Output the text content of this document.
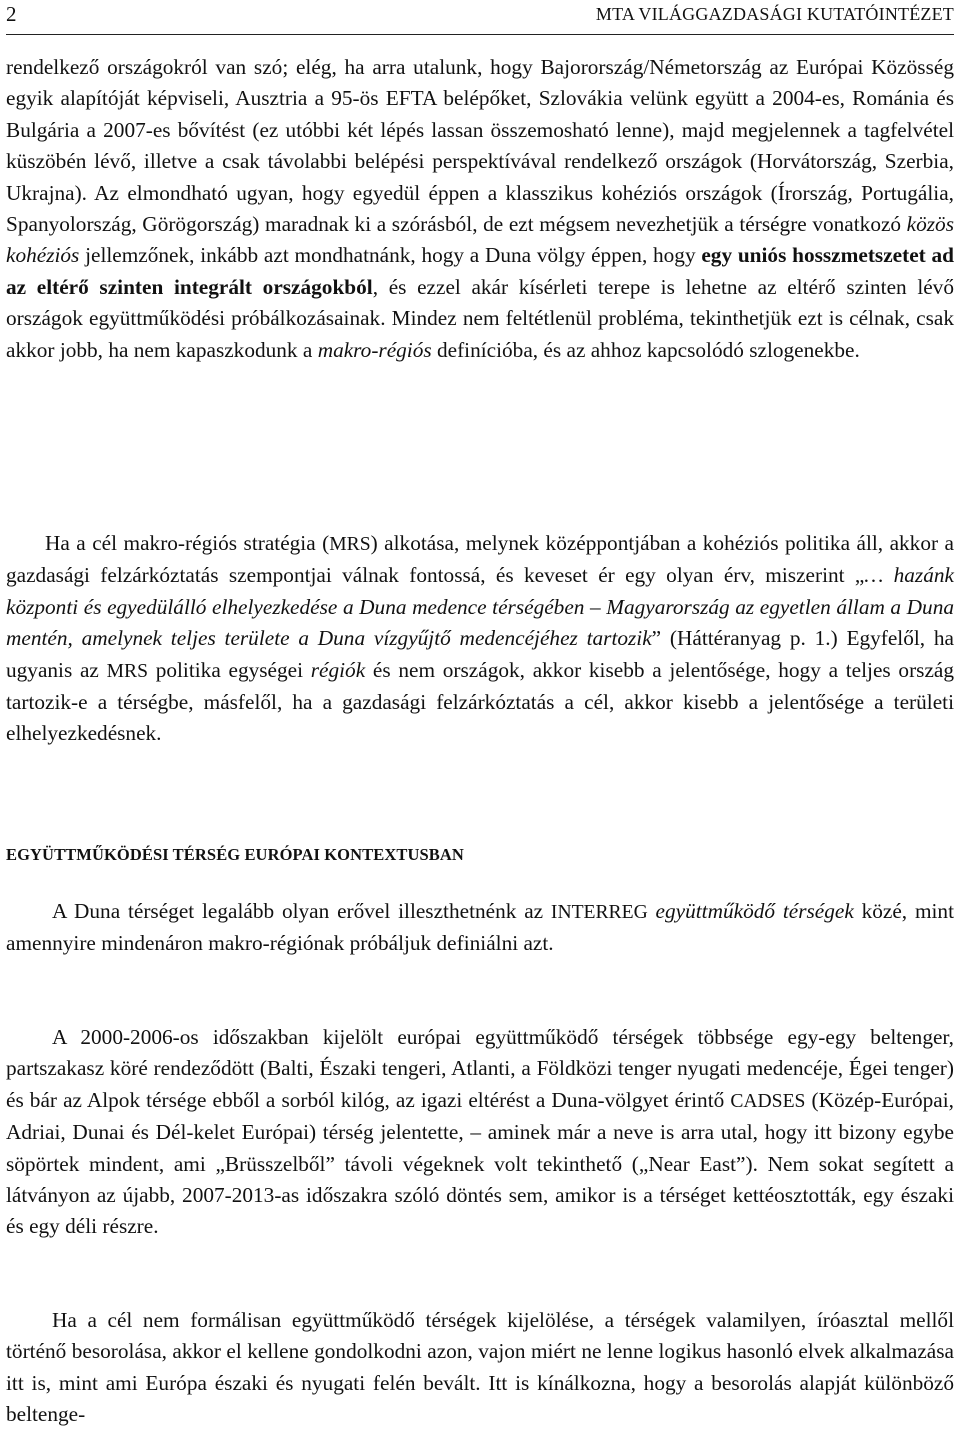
2	MTA VILÁGGAZDASÁGI KUTATÓINTÉZET

rendelkező országokról van szó; elég, ha arra utalunk, hogy Bajorország/Németország az Európai Közösség egyik alapítóját képviseli, Ausztria a 95-ös EFTA belépőket, Szlovákia velünk együtt a 2004-es, Románia és Bulgária a 2007-es bővítést (ez utóbbi két lépés lassan összemosható lenne), majd megjelennek a tagfelvétel küszöbén lévő, illetve a csak távolabbi belépési perspektívával rendelkező országok (Horvátország, Szerbia, Ukrajna). Az elmondható ugyan, hogy egyedül éppen a klasszikus kohéziós országok (Írország, Portugália, Spanyolország, Görögország) maradnak ki a szórásból, de ezt mégsem nevezhetjük a térségre vonatkozó közös kohéziós jellemzőnek, inkább azt mondhatnánk, hogy a Duna völgy éppen, hogy egy uniós hosszmetszetet ad az eltérő szinten integrált országokból, és ezzel akár kísérleti terepe is lehetne az eltérő szinten lévő országok együttműködési próbálkozásainak. Mindez nem feltétlenül probléma, tekinthetjük ezt is célnak, csak akkor jobb, ha nem kapaszkodunk a makro-régiós definícióba, és az ahhoz kapcsolódó szlogenekbe.

Ha a cél makro-régiós stratégia (MRS) alkotása, melynek középpontjában a kohéziós politika áll, akkor a gazdasági felzárkóztatás szempontjai válnak fontossá, és keveset ér egy olyan érv, miszerint „… hazánk központi és egyedülálló elhelyezkedése a Duna medence térségében – Magyarország az egyetlen állam a Duna mentén, amelynek teljes területe a Duna vízgyűjtő medencéjéhez tartozik” (Háttéranyag p. 1.) Egyfelől, ha ugyanis az MRS politika egységei régiók és nem országok, akkor kisebb a jelentősége, hogy a teljes ország tartozik-e a térségbe, másfelől, ha a gazdasági felzárkóztatás a cél, akkor kisebb a jelentősége a területi elhelyezkedésnek.

EGYÜTTMŰKÖDÉSI TÉRSÉG EURÓPAI KONTEXTUSBAN

A Duna térséget legalább olyan erővel illeszthetnénk az INTERREG együttműködő térségek közé, mint amennyire mindenáron makro-régiónak próbáljuk definiálni azt.

A 2000-2006-os időszakban kijelölt európai együttműködő térségek többsége egy-egy beltenger, partszakasz köré rendeződött (Balti, Északi tengeri, Atlanti, a Földközi tenger nyugati medencéje, Égei tenger) és bár az Alpok térsége ebből a sorból kilóg, az igazi eltérést a Duna-völgyet érintő CADSES (Közép-Európai, Adriai, Dunai és Dél-kelet Európai) térség jelentette, – aminek már a neve is arra utal, hogy itt bizony egybe söpörtek mindent, ami „Brüsszelből” távoli végeknek volt tekinthető („Near East”). Nem sokat segített a látványon az újabb, 2007-2013-as időszakra szóló döntés sem, amikor is a térséget kettéosztották, egy északi és egy déli részre.

Ha a cél nem formálisan együttműködő térségek kijelölése, a térségek valamilyen, íróasztal mellől történő besorolása, akkor el kellene gondolkodni azon, vajon miért ne lenne logikus hasonló elvek alkalmazása itt is, mint ami Európa északi és nyugati felén bevált. Itt is kínálkozna, hogy a besorolás alapját különböző beltenge-
